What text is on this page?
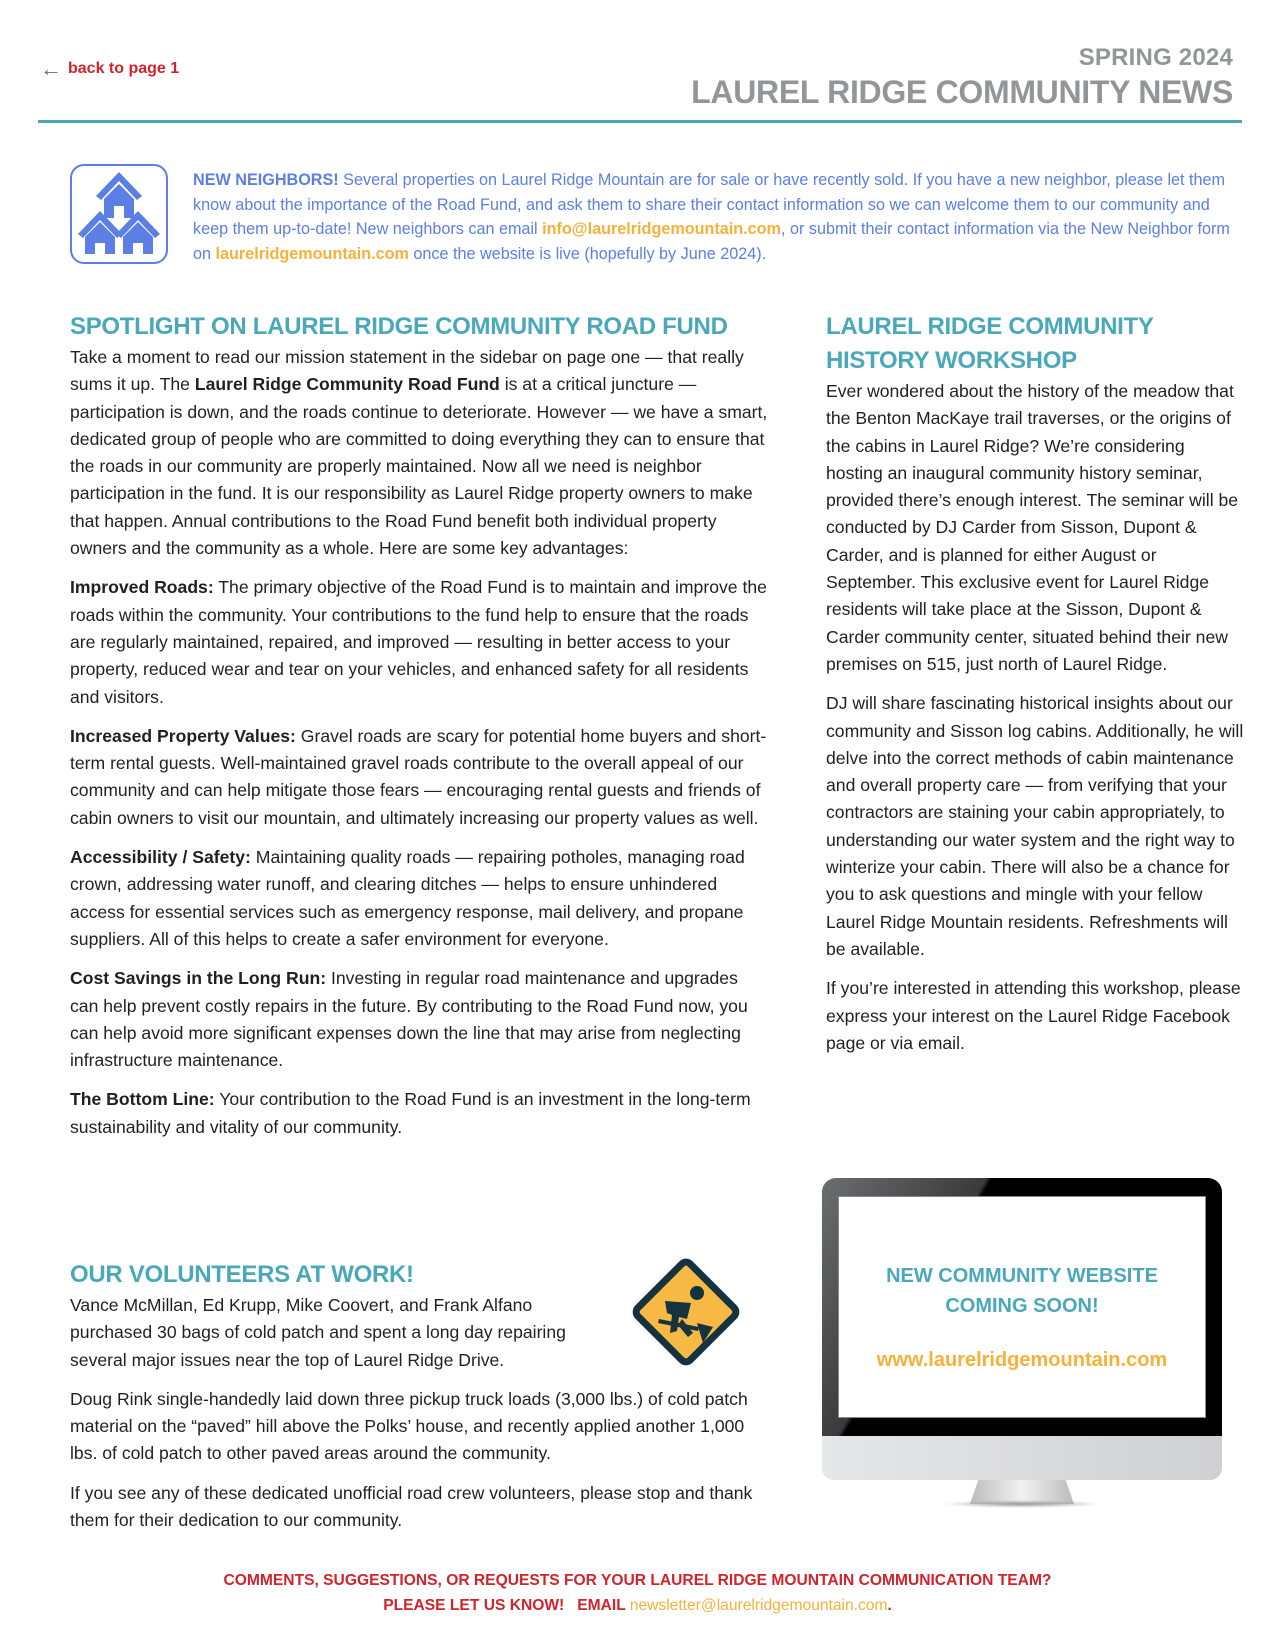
← back to page 1	SPRING 2024
LAUREL RIDGE COMMUNITY NEWS
NEW NEIGHBORS! Several properties on Laurel Ridge Mountain are for sale or have recently sold. If you have a new neighbor, please let them know about the importance of the Road Fund, and ask them to share their contact information so we can welcome them to our community and keep them up-to-date! New neighbors can email info@laurelridgemountain.com, or submit their contact information via the New Neighbor form on laurelridgemountain.com once the website is live (hopefully by June 2024).
SPOTLIGHT ON LAUREL RIDGE COMMUNITY ROAD FUND

Take a moment to read our mission statement in the sidebar on page one — that really sums it up. The Laurel Ridge Community Road Fund is at a critical juncture — participation is down, and the roads continue to deteriorate. However — we have a smart, dedicated group of people who are committed to doing everything they can to ensure that the roads in our community are properly maintained. Now all we need is neighbor participation in the fund. It is our responsibility as Laurel Ridge property owners to make that happen. Annual contributions to the Road Fund benefit both individual property owners and the community as a whole. Here are some key advantages:

Improved Roads: The primary objective of the Road Fund is to maintain and improve the roads within the community. Your contributions to the fund help to ensure that the roads are regularly maintained, repaired, and improved — resulting in better access to your property, reduced wear and tear on your vehicles, and enhanced safety for all residents and visitors.

Increased Property Values: Gravel roads are scary for potential home buyers and short-term rental guests. Well-maintained gravel roads contribute to the overall appeal of our community and can help mitigate those fears — encouraging rental guests and friends of cabin owners to visit our mountain, and ultimately increasing our property values as well.

Accessibility / Safety: Maintaining quality roads — repairing potholes, managing road crown, addressing water runoff, and clearing ditches — helps to ensure unhindered access for essential services such as emergency response, mail delivery, and propane suppliers. All of this helps to create a safer environment for everyone.

Cost Savings in the Long Run: Investing in regular road maintenance and upgrades can help prevent costly repairs in the future. By contributing to the Road Fund now, you can help avoid more significant expenses down the line that may arise from neglecting infrastructure maintenance.

The Bottom Line: Your contribution to the Road Fund is an investment in the long-term sustainability and vitality of our community.

OUR VOLUNTEERS AT WORK!

Vance McMillan, Ed Krupp, Mike Coovert, and Frank Alfano purchased 30 bags of cold patch and spent a long day repairing several major issues near the top of Laurel Ridge Drive.

Doug Rink single-handedly laid down three pickup truck loads (3,000 lbs.) of cold patch material on the “paved” hill above the Polks’ house, and recently applied another 1,000 lbs. of cold patch to other paved areas around the community.

If you see any of these dedicated unofficial road crew volunteers, please stop and thank them for their dedication to our community.

LAUREL RIDGE COMMUNITY
HISTORY WORKSHOP

Ever wondered about the history of the meadow that the Benton MacKaye trail traverses, or the origins of the cabins in Laurel Ridge? We’re considering hosting an inaugural community history seminar, provided there’s enough interest. The seminar will be conducted by DJ Carder from Sisson, Dupont & Carder, and is planned for either August or September. This exclusive event for Laurel Ridge residents will take place at the Sisson, Dupont & Carder community center, situated behind their new premises on 515, just north of Laurel Ridge.

DJ will share fascinating historical insights about our community and Sisson log cabins. Additionally, he will delve into the correct methods of cabin maintenance and overall property care — from verifying that your contractors are staining your cabin appropriately, to understanding our water system and the right way to winterize your cabin. There will also be a chance for you to ask questions and mingle with your fellow Laurel Ridge Mountain residents. Refreshments will be available.

If you’re interested in attending this workshop, please express your interest on the Laurel Ridge Facebook page or via email.

NEW COMMUNITY WEBSITE
COMING SOON!
www.laurelridgemountain.com
COMMENTS, SUGGESTIONS, OR REQUESTS FOR YOUR LAUREL RIDGE MOUNTAIN COMMUNICATION TEAM?
PLEASE LET US KNOW!   EMAIL newsletter@laurelridgemountain.com.
